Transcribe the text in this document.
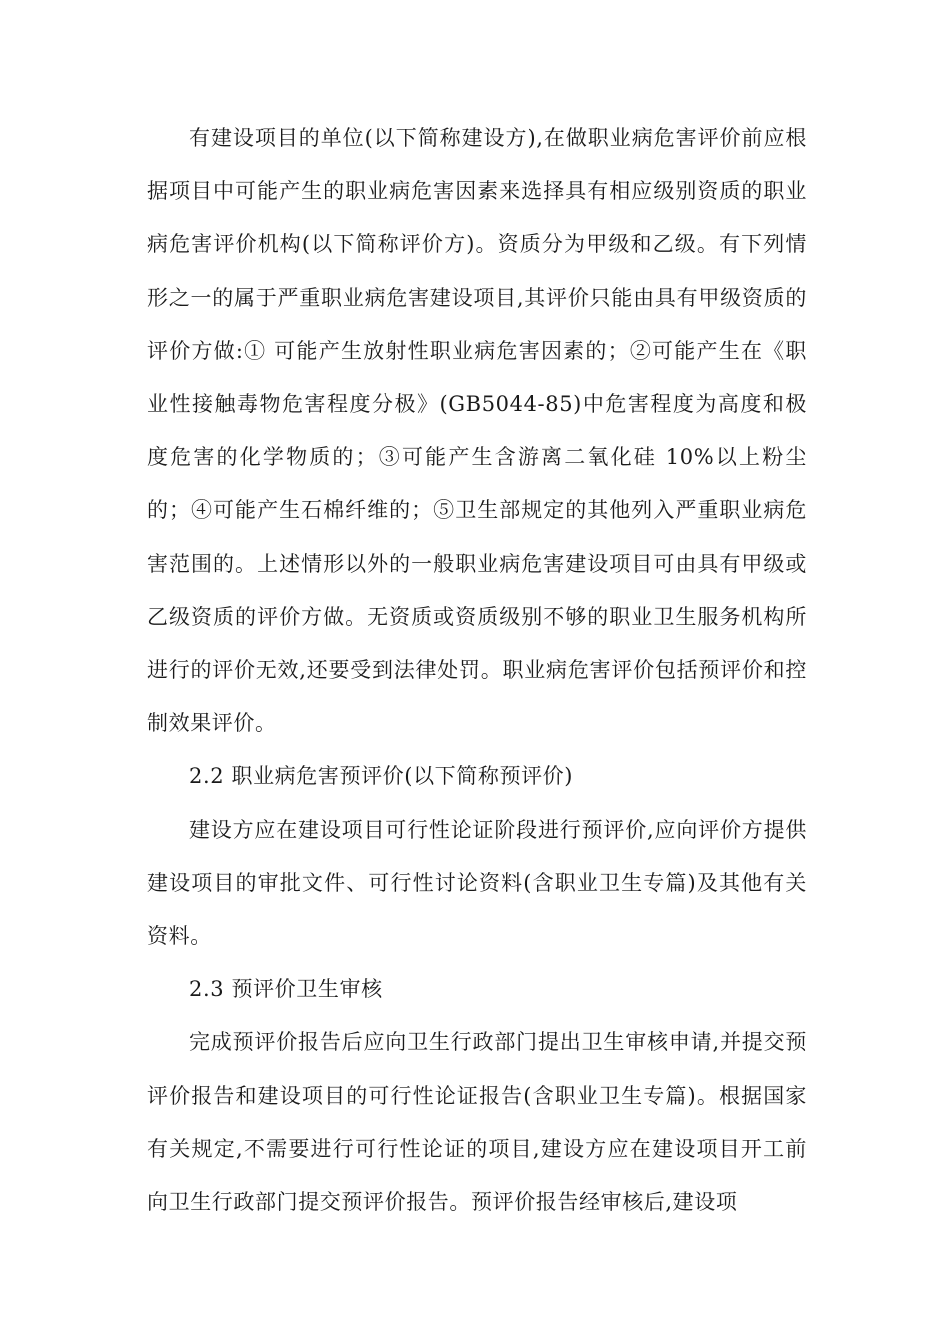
有建设项目的单位(以下简称建设方),在做职业病危害评价前应根据项目中可能产生的职业病危害因素来选择具有相应级别资质的职业病危害评价机构(以下简称评价方)。资质分为甲级和乙级。有下列情形之一的属于严重职业病危害建设项目,其评价只能由具有甲级资质的评价方做:① 可能产生放射性职业病危害因素的；②可能产生在《职业性接触毒物危害程度分极》(GB5044-85)中危害程度为高度和极度危害的化学物质的；③可能产生含游离二氧化硅 10%以上粉尘的；④可能产生石棉纤维的；⑤卫生部规定的其他列入严重职业病危害范围的。上述情形以外的一般职业病危害建设项目可由具有甲级或乙级资质的评价方做。无资质或资质级别不够的职业卫生服务机构所进行的评价无效,还要受到法律处罚。职业病危害评价包括预评价和控制效果评价。

2.2 职业病危害预评价(以下简称预评价)

建设方应在建设项目可行性论证阶段进行预评价,应向评价方提供建设项目的审批文件、可行性讨论资料(含职业卫生专篇)及其他有关资料。

2.3 预评价卫生审核

完成预评价报告后应向卫生行政部门提出卫生审核申请,并提交预评价报告和建设项目的可行性论证报告(含职业卫生专篇)。根据国家有关规定,不需要进行可行性论证的项目,建设方应在建设项目开工前向卫生行政部门提交预评价报告。预评价报告经审核后,建设项
